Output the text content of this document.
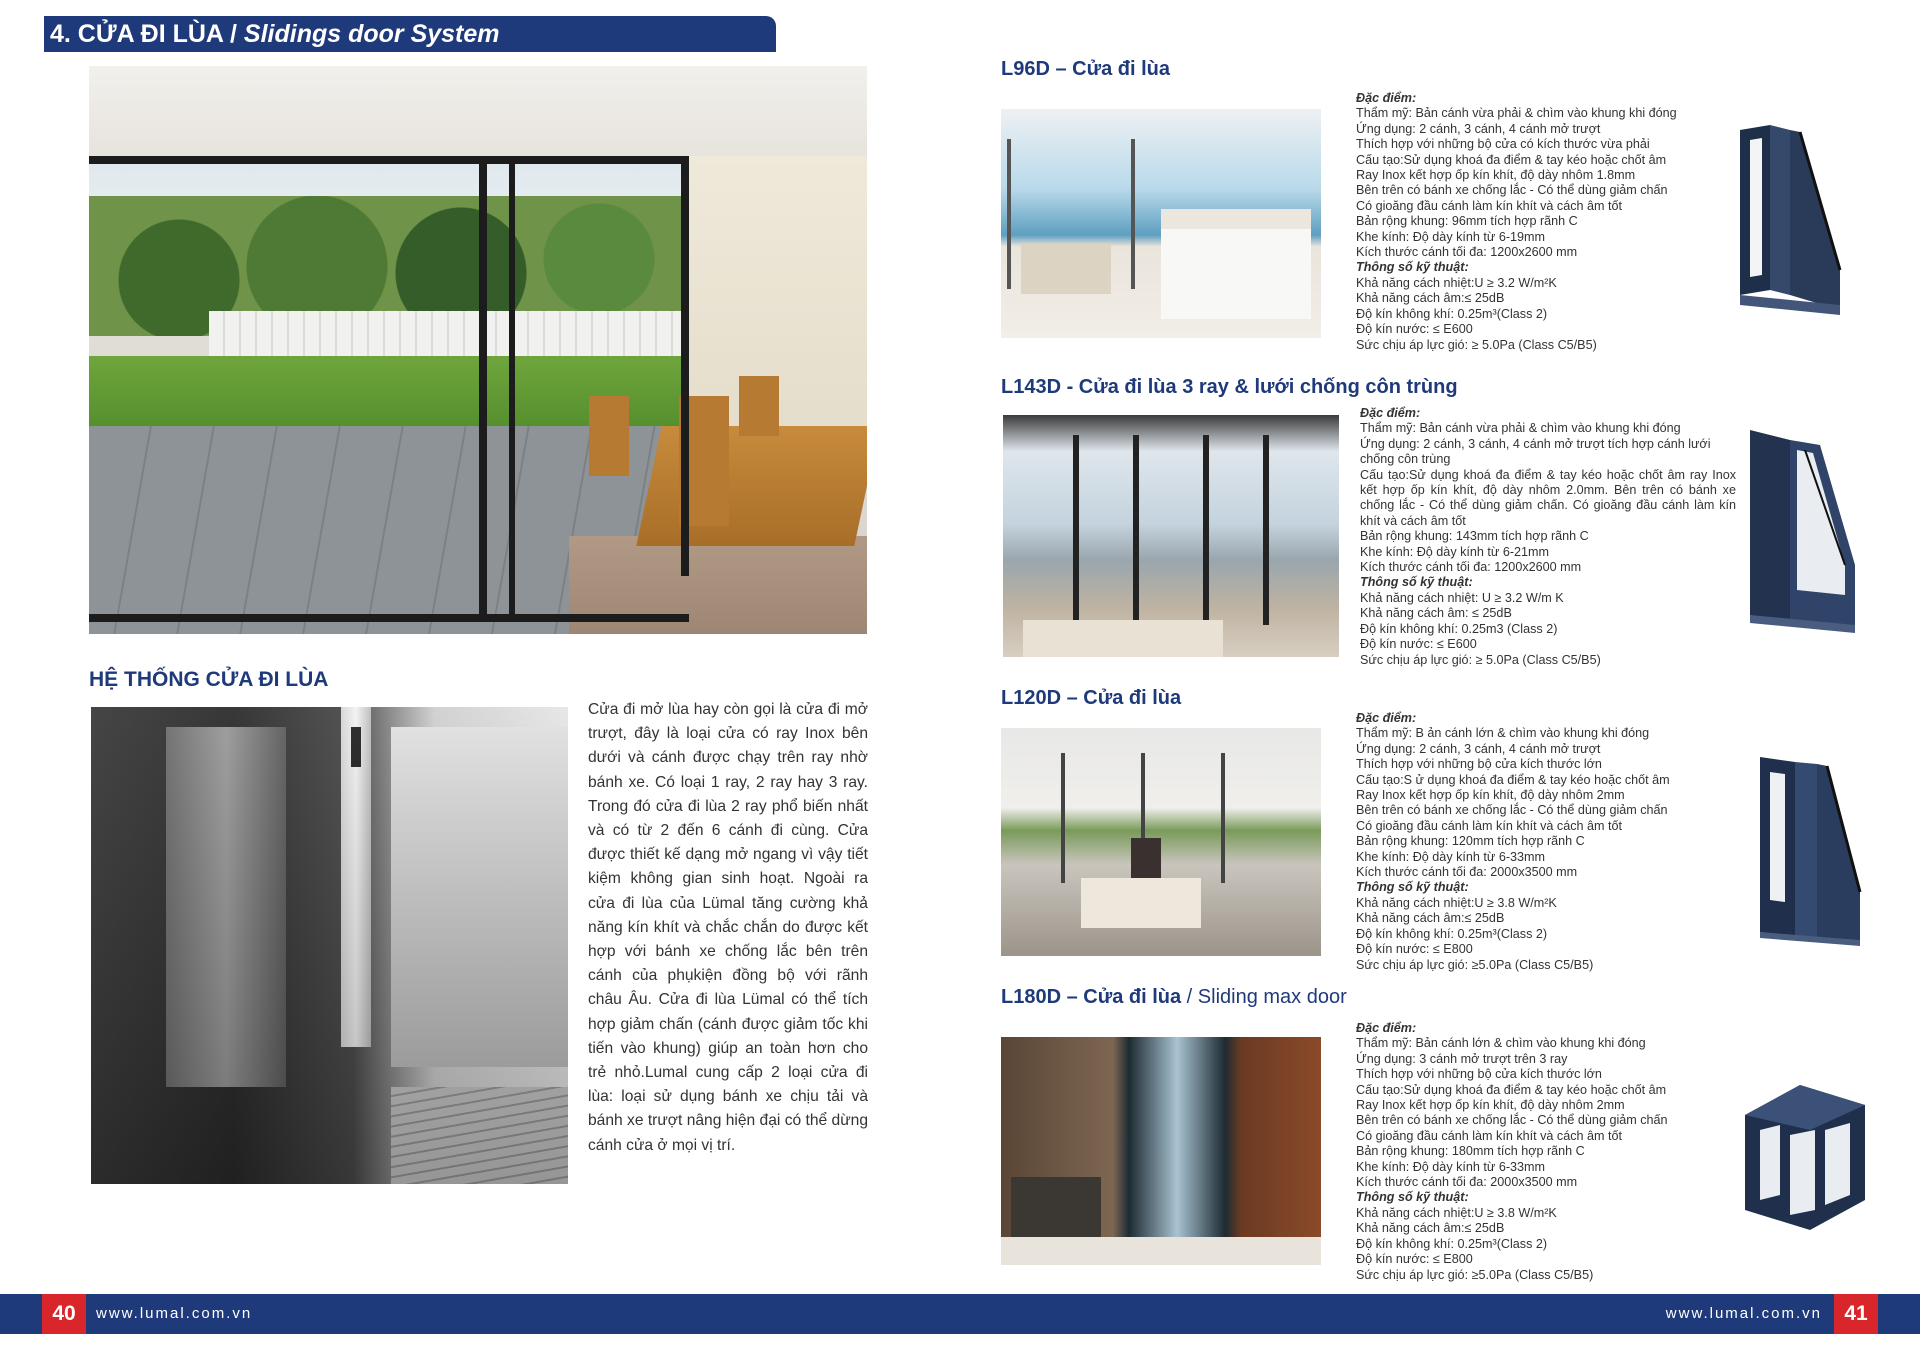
4. CỬA ĐI LÙA / Slidings door System
HỆ THỐNG CỬA ĐI LÙA
Cửa đi mở lùa hay còn gọi là cửa đi mở trượt, đây là loại cửa có ray Inox bên dưới và cánh được chạy trên ray nhờ bánh xe. Có loại 1 ray, 2 ray hay 3 ray. Trong đó cửa đi lùa 2 ray phổ biến nhất và có từ 2 đến 6 cánh đi cùng. Cửa được thiết kế dạng mở ngang vì vậy tiết kiệm không gian sinh hoạt. Ngoài ra cửa đi lùa của Lümal tăng cường khả năng kín khít và chắc chắn do được kết hợp với bánh xe chống lắc bên trên cánh của phụkiện đồng bộ với rãnh châu Âu. Cửa đi lùa Lümal có thể tích hợp giảm chấn (cánh được giảm tốc khi tiến vào khung) giúp an toàn hơn cho trẻ nhỏ.Lumal cung cấp 2 loại cửa đi lùa: loại sử dụng bánh xe chịu tải và bánh xe trượt nâng hiện đại có thể dừng cánh cửa ở mọi vị trí.
L96D – Cửa đi lùa
Đặc điểm:
Thẩm mỹ: Bản cánh vừa phải & chìm vào khung khi đóng
Ứng dụng: 2 cánh, 3 cánh, 4 cánh mở trượt
Thích hợp với những bộ cửa có kích thước vừa phải
Cấu tạo:Sử dụng khoá đa điểm & tay kéo hoặc chốt âm
Ray Inox kết hợp ốp kín khít, độ dày nhôm 1.8mm
Bên trên có bánh xe chống lắc - Có thể dùng giảm chấn
Có gioăng đầu cánh làm kín khít và cách âm tốt
Bản rộng khung: 96mm tích hợp rãnh C
Khe kính: Độ dày kính từ 6-19mm
Kích thước cánh tối đa: 1200x2600 mm
Thông số kỹ thuật:
Khả năng cách nhiệt:U ≥ 3.2 W/m²K
Khả năng cách âm:≤ 25dB
Độ kín không khí: 0.25m³(Class 2)
Độ kín nước: ≤ E600
Sức chịu áp lực gió: ≥ 5.0Pa (Class C5/B5)
L143D - Cửa đi lùa 3 ray & lưới chống côn trùng
Đặc điểm:
Thẩm mỹ: Bản cánh vừa phải & chìm vào khung khi đóng
Ứng dụng: 2 cánh, 3 cánh, 4 cánh mở trượt tích hợp cánh lưới chống côn trùng
Cấu tạo:Sử dụng khoá đa điểm & tay kéo hoặc chốt âm ray Inox kết hợp ốp kín khít, độ dày nhôm 2.0mm. Bên trên có bánh xe chống lắc - Có thể dùng giảm chấn. Có gioăng đầu cánh làm kín khít và cách âm tốt
Bản rộng khung: 143mm tích hợp rãnh C
Khe kính: Độ dày kính từ 6-21mm
Kích thước cánh tối đa: 1200x2600 mm
Thông số kỹ thuật:
Khả năng cách nhiệt: U ≥ 3.2 W/m K
Khả năng cách âm: ≤ 25dB
Độ kín không khí: 0.25m3 (Class 2)
Độ kín nước: ≤ E600
Sức chịu áp lực gió: ≥ 5.0Pa (Class C5/B5)
L120D – Cửa đi lùa
Đặc điểm:
Thẩm mỹ: B ản cánh lớn & chìm vào khung khi đóng
Ứng dụng: 2 cánh, 3 cánh, 4 cánh mở trượt
Thích hợp với những bộ cửa kích thước lớn
Cấu tạo:S ử dụng khoá đa điểm & tay kéo hoặc chốt âm
Ray Inox kết hợp ốp kín khít, độ dày nhôm 2mm
Bên trên có bánh xe chống lắc - Có thể dùng giảm chấn
Có gioăng đầu cánh làm kín khít và cách âm tốt
Bản rộng khung: 120mm tích hợp rãnh C
Khe kính: Độ dày kính từ 6-33mm
Kích thước cánh tối đa: 2000x3500 mm
Thông số kỹ thuật:
Khả năng cách nhiệt:U ≥ 3.8 W/m²K
Khả năng cách âm:≤ 25dB
Độ kín không khí: 0.25m³(Class 2)
Độ kín nước: ≤ E800
Sức chịu áp lực gió: ≥5.0Pa (Class C5/B5)
L180D – Cửa đi lùa / Sliding max door
Đặc điểm:
Thẩm mỹ: Bản cánh lớn & chìm vào khung khi đóng
Ứng dụng: 3 cánh mở trượt trên 3 ray
Thích hợp với những bộ cửa kích thước lớn
Cấu tạo:Sử dụng khoá đa điểm & tay kéo hoặc chốt âm
Ray Inox kết hợp ốp kín khít, độ dày nhôm 2mm
Bên trên có bánh xe chống lắc - Có thể dùng giảm chấn
Có gioăng đầu cánh làm kín khít và cách âm tốt
Bản rộng khung: 180mm tích hợp rãnh C
Khe kính: Độ dày kính từ 6-33mm
Kích thước cánh tối đa: 2000x3500 mm
Thông số kỹ thuật:
Khả năng cách nhiệt:U ≥ 3.8 W/m²K
Khả năng cách âm:≤ 25dB
Độ kín không khí: 0.25m³(Class 2)
Độ kín nước: ≤ E800
Sức chịu áp lực gió: ≥5.0Pa (Class C5/B5)
40	www.lumal.com.vn	www.lumal.com.vn	41
